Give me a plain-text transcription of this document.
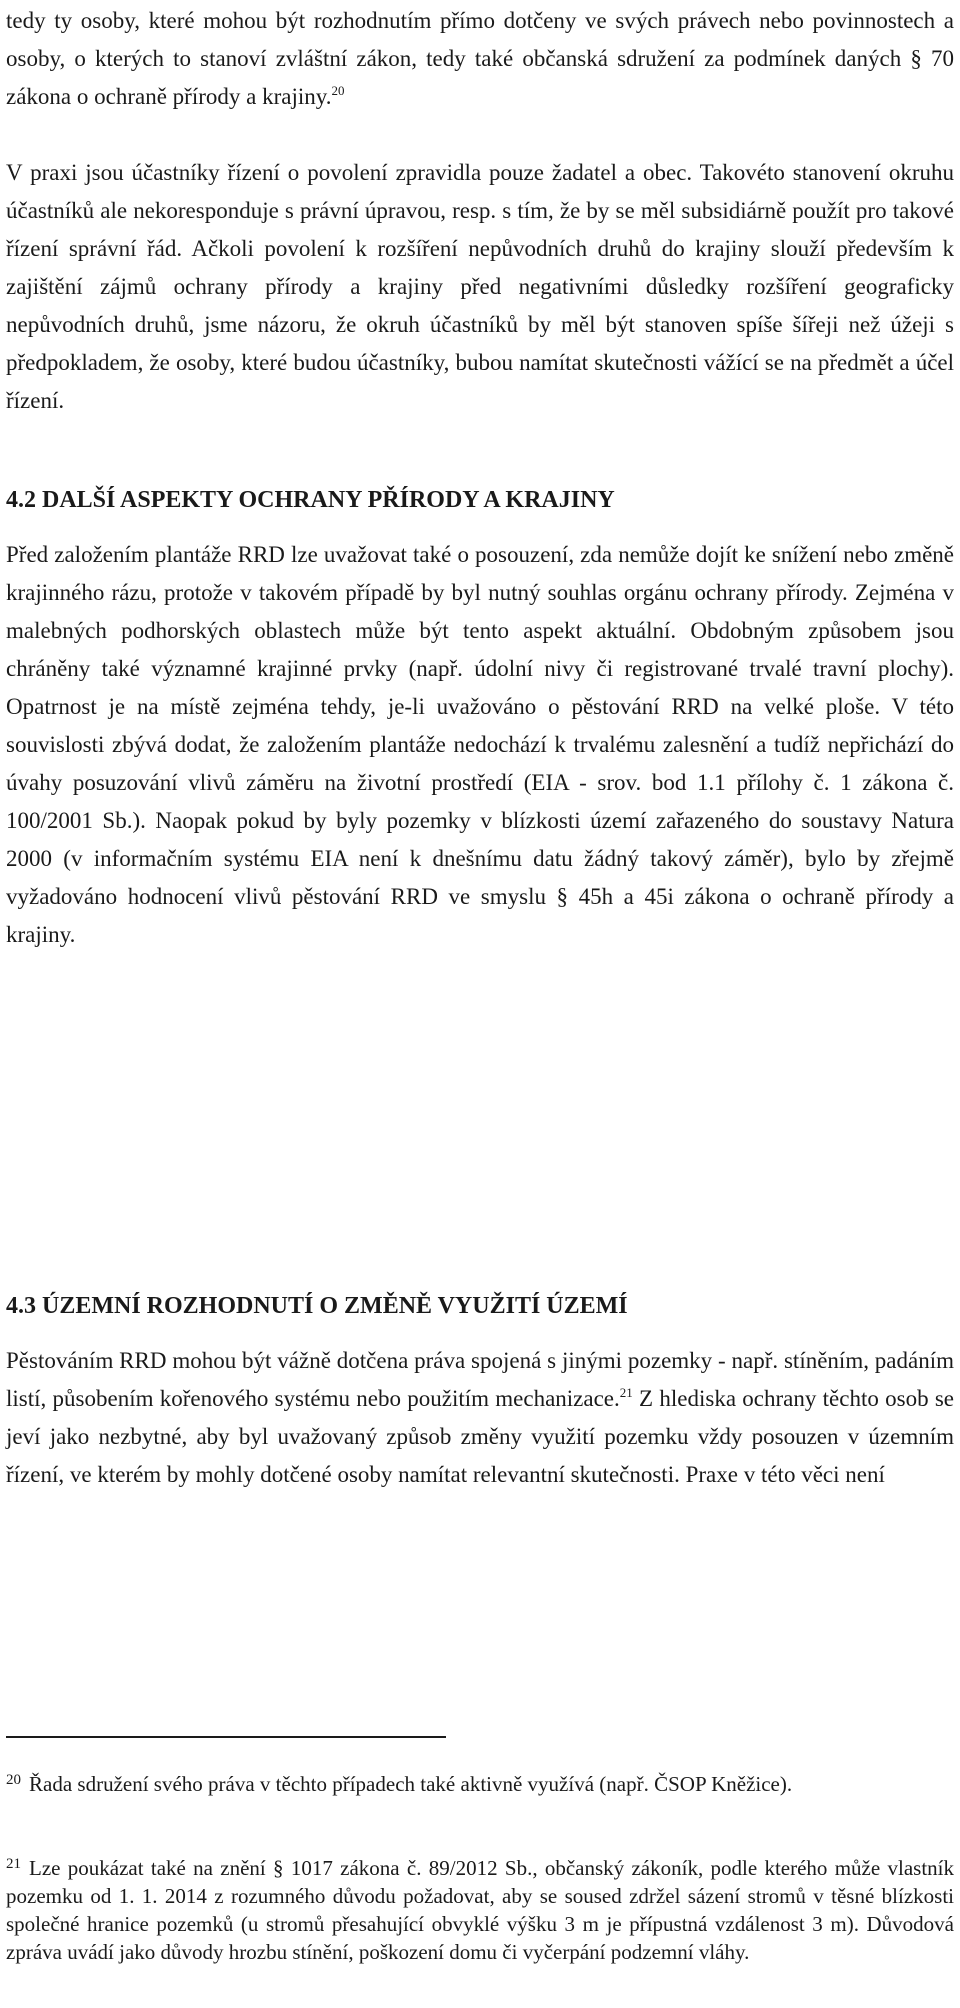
tedy ty osoby, které mohou být rozhodnutím přímo dotčeny ve svých právech nebo povinnostech a osoby, o kterých to stanoví zvláštní zákon, tedy také občanská sdružení za podmínek daných § 70 zákona o ochraně přírody a krajiny.$^{20}$

V praxi jsou účastníky řízení o povolení zpravidla pouze žadatel a obec. Takovéto stanovení okruhu účastníků ale nekoresponduje s právní úpravou, resp. s tím, že by se měl subsidiárně použít pro takové řízení správní řád. Ačkoli povolení k rozšíření nepůvodních druhů do krajiny slouží především k zajištění zájmů ochrany přírody a krajiny před negativními důsledky rozšíření geograficky nepůvodních druhů, jsme názoru, že okruh účastníků by měl být stanoven spíše šířeji než úžeji s předpokladem, že osoby, které budou účastníky, bubou namítat skutečnosti vážící se na předmět a účel řízení.

4.2 DALŠÍ ASPEKTY OCHRANY PŘÍRODY A KRAJINY

Před založením plantáže RRD lze uvažovat také o posouzení, zda nemůže dojít ke snížení nebo změně krajinného rázu, protože v takovém případě by byl nutný souhlas orgánu ochrany přírody. Zejména v malebných podhorských oblastech může být tento aspekt aktuální. Obdobným způsobem jsou chráněny také významné krajinné prvky (např. údolní nivy či registrované trvalé travní plochy). Opatrnost je na místě zejména tehdy, je-li uvažováno o pěstování RRD na velké ploše. V této souvislosti zbývá dodat, že založením plantáže nedochází k trvalému zalesnění a tudíž nepřichází do úvahy posuzování vlivů záměru na životní prostředí (EIA - srov. bod 1.1 přílohy č. 1 zákona č. 100/2001 Sb.). Naopak pokud by byly pozemky v blízkosti území zařazeného do soustavy Natura 2000 (v informačním systému EIA není k dnešnímu datu žádný takový záměr), bylo by zřejmě vyžadováno hodnocení vlivů pěstování RRD ve smyslu § 45h a 45i zákona o ochraně přírody a krajiny.

4.3 ÚZEMNÍ ROZHODNUTÍ O ZMĚNĚ VYUŽITÍ ÚZEMÍ

Pěstováním RRD mohou být vážně dotčena práva spojená s jinými pozemky - např. stíněním, padáním listí, působením kořenového systému nebo použitím mechanizace.$^{21}$ Z hlediska ochrany těchto osob se jeví jako nezbytné, aby byl uvažovaný způsob změny využití pozemku vždy posouzen v územním řízení, ve kterém by mohly dotčené osoby namítat relevantní skutečnosti. Praxe v této věci není

$^{20}$ Řada sdružení svého práva v těchto případech také aktivně využívá (např. ČSOP Kněžice).

$^{21}$ Lze poukázat také na znění § 1017 zákona č. 89/2012 Sb., občanský zákoník, podle kterého může vlastník pozemku od 1. 1. 2014 z rozumného důvodu požadovat, aby se soused zdržel sázení stromů v těsné blízkosti společné hranice pozemků (u stromů přesahující obvyklé výšku 3 m je přípustná vzdálenost 3 m). Důvodová zpráva uvádí jako důvody hrozbu stínění, poškození domu či vyčerpání podzemní vláhy.
